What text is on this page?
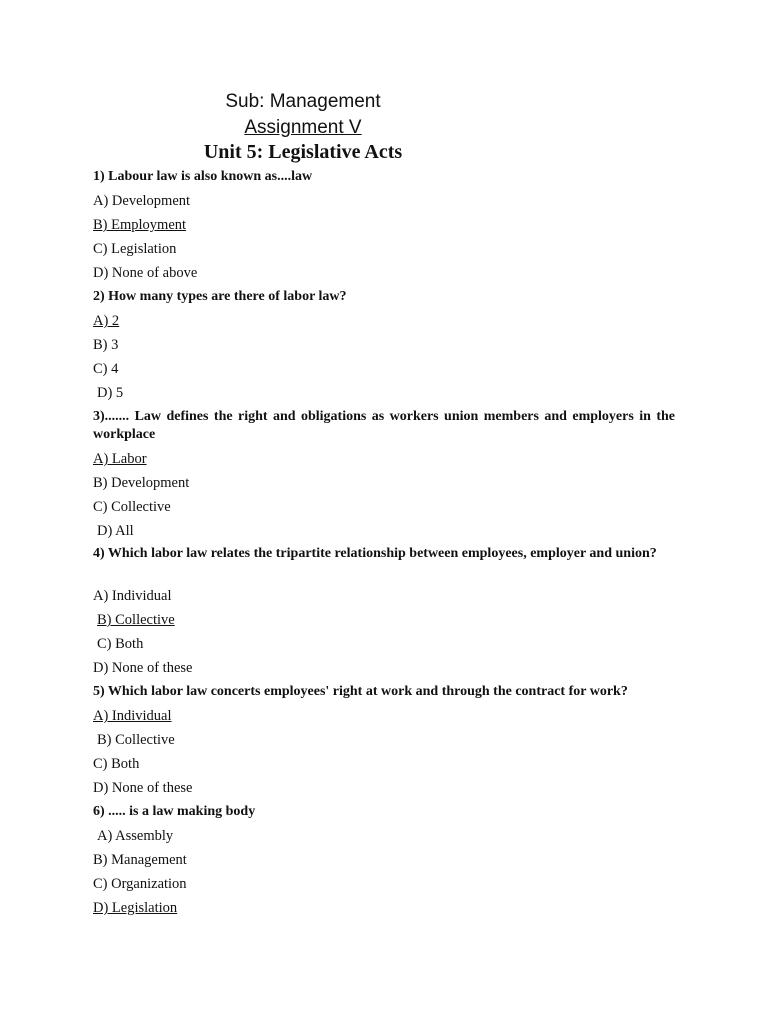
Sub: Management
Assignment V
Unit 5: Legislative Acts
1) Labour law is also known as....law
A) Development
B) Employment
C) Legislation
D) None of above
2) How many types are there of labor law?
A) 2
B) 3
C) 4
D) 5
3)....... Law defines the right and obligations as workers union members and employers in the workplace
A) Labor
B) Development
C) Collective
D) All
4) Which labor law relates the tripartite relationship between employees, employer and union?
A) Individual
B) Collective
C) Both
D) None of these
5) Which labor law concerts employees' right at work and through the contract for work?
A) Individual
B) Collective
C) Both
D) None of these
6) ..... is a law making body
A) Assembly
B) Management
C) Organization
D) Legislation
